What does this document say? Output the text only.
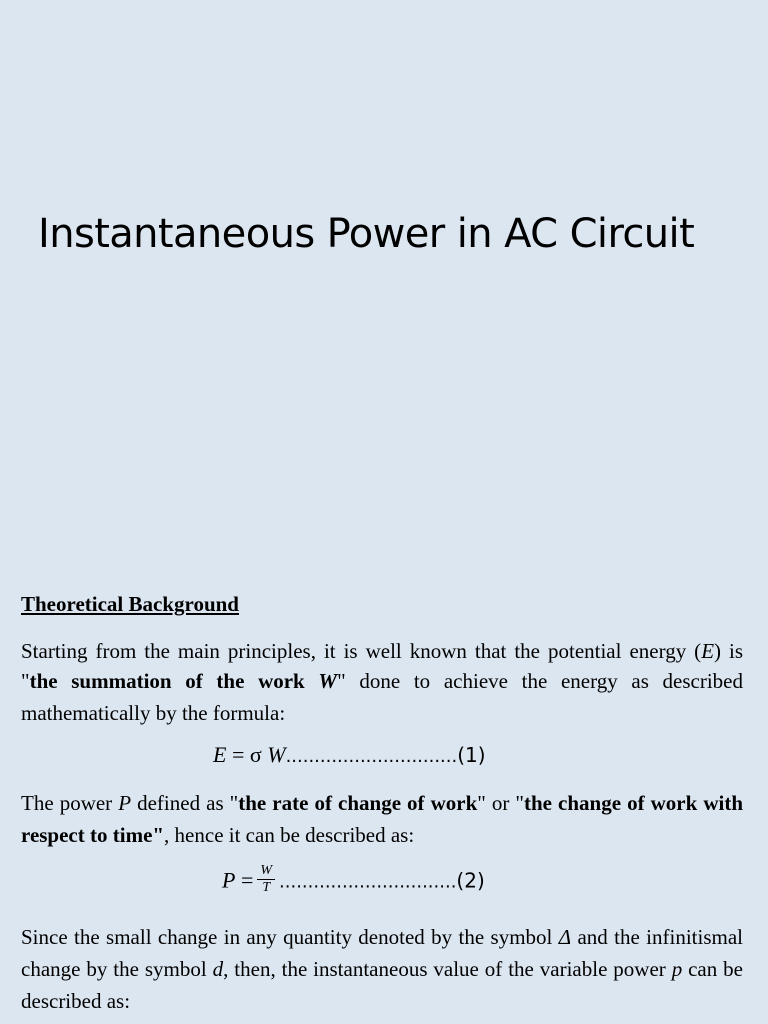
Instantaneous Power in AC Circuit
Theoretical Background
Starting from the main principles, it is well known that the potential energy (E) is "the summation of the work W" done to achieve the energy as described mathematically by the formula:
E = σ W..............................(1)
The power P defined as "the rate of change of work" or "the change of work with respect to time", hence it can be described as:
$P = \frac{W}{T} ...............................(2)$
Since the small change in any quantity denoted by the symbol Δ and the infinitismal change by the symbol d, then, the instantaneous value of the variable power p can be described as:
